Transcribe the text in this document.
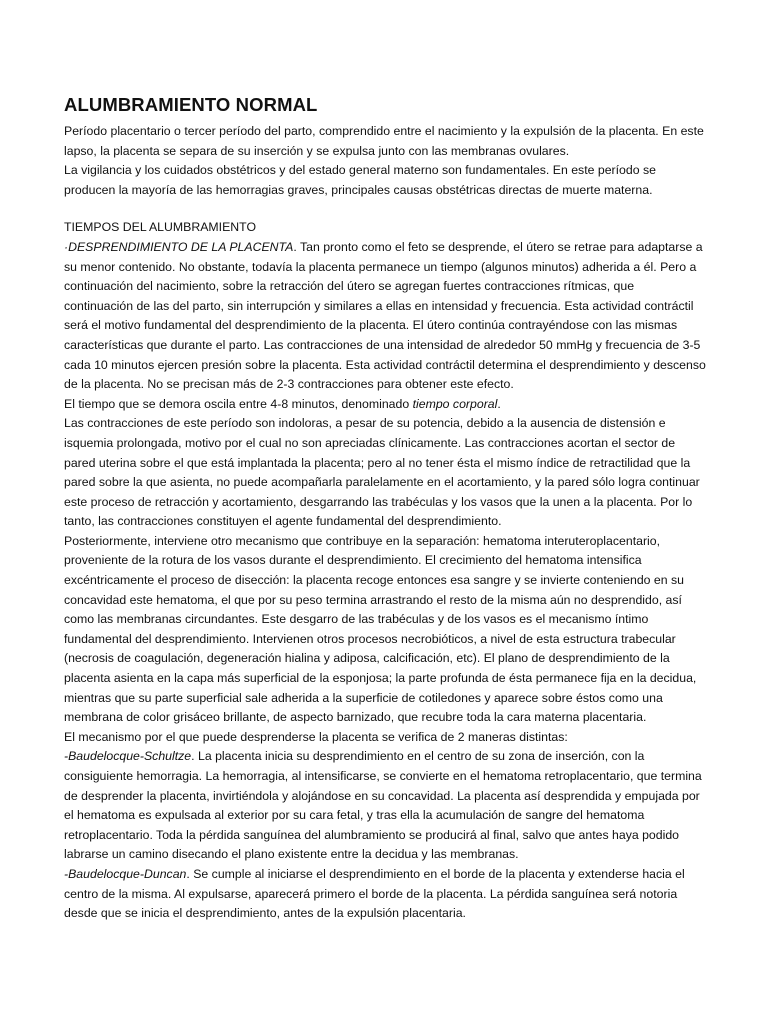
ALUMBRAMIENTO NORMAL

Período placentario o tercer período del parto, comprendido entre el nacimiento y la expulsión de la placenta. En este lapso, la placenta se separa de su inserción y se expulsa junto con las membranas ovulares.

La vigilancia y los cuidados obstétricos y del estado general materno son fundamentales. En este período se producen la mayoría de las hemorragias graves, principales causas obstétricas directas de muerte materna.

TIEMPOS DEL ALUMBRAMIENTO

·DESPRENDIMIENTO DE LA PLACENTA. Tan pronto como el feto se desprende, el útero se retrae para adaptarse a su menor contenido. No obstante, todavía la placenta permanece un tiempo (algunos minutos) adherida a él. Pero a continuación del nacimiento, sobre la retracción del útero se agregan fuertes contracciones rítmicas, que continuación de las del parto, sin interrupción y similares a ellas en intensidad y frecuencia. Esta actividad contráctil será el motivo fundamental del desprendimiento de la placenta. El útero continúa contrayéndose con las mismas características que durante el parto. Las contracciones de una intensidad de alrededor 50 mmHg y frecuencia de 3-5 cada 10 minutos ejercen presión sobre la placenta. Esta actividad contráctil determina el desprendimiento y descenso de la placenta. No se precisan más de 2-3 contracciones para obtener este efecto.

El tiempo que se demora oscila entre 4-8 minutos, denominado tiempo corporal.

Las contracciones de este período son indoloras, a pesar de su potencia, debido a la ausencia de distensión e isquemia prolongada, motivo por el cual no son apreciadas clínicamente. Las contracciones acortan el sector de pared uterina sobre el que está implantada la placenta; pero al no tener ésta el mismo índice de retractilidad que la pared sobre la que asienta, no puede acompañarla paralelamente en el acortamiento, y la pared sólo logra continuar este proceso de retracción y acortamiento, desgarrando las trabéculas y los vasos que la unen a la placenta. Por lo tanto, las contracciones constituyen el agente fundamental del desprendimiento.

Posteriormente, interviene otro mecanismo que contribuye en la separación: hematoma interuteroplacentario, proveniente de la rotura de los vasos durante el desprendimiento. El crecimiento del hematoma intensifica excéntricamente el proceso de disección: la placenta recoge entonces esa sangre y se invierte conteniendo en su concavidad este hematoma, el que por su peso termina arrastrando el resto de la misma aún no desprendido, así como las membranas circundantes. Este desgarro de las trabéculas y de los vasos es el mecanismo íntimo fundamental del desprendimiento. Intervienen otros procesos necrobióticos, a nivel de esta estructura trabecular (necrosis de coagulación, degeneración hialina y adiposa, calcificación, etc). El plano de desprendimiento de la placenta asienta en la capa más superficial de la esponjosa; la parte profunda de ésta permanece fija en la decidua, mientras que su parte superficial sale adherida a la superficie de cotiledones y aparece sobre éstos como una membrana de color grisáceo brillante, de aspecto barnizado, que recubre toda la cara materna placentaria.

El mecanismo por el que puede desprenderse la placenta se verifica de 2 maneras distintas:

-Baudelocque-Schultze. La placenta inicia su desprendimiento en el centro de su zona de inserción, con la consiguiente hemorragia. La hemorragia, al intensificarse, se convierte en el hematoma retroplacentario, que termina de desprender la placenta, invirtiéndola y alojándose en su concavidad. La placenta así desprendida y empujada por el hematoma es expulsada al exterior por su cara fetal, y tras ella la acumulación de sangre del hematoma retroplacentario. Toda la pérdida sanguínea del alumbramiento se producirá al final, salvo que antes haya podido labrarse un camino disecando el plano existente entre la decidua y las membranas.

-Baudelocque-Duncan. Se cumple al iniciarse el desprendimiento en el borde de la placenta y extenderse hacia el centro de la misma. Al expulsarse, aparecerá primero el borde de la placenta. La pérdida sanguínea será notoria desde que se inicia el desprendimiento, antes de la expulsión placentaria.
